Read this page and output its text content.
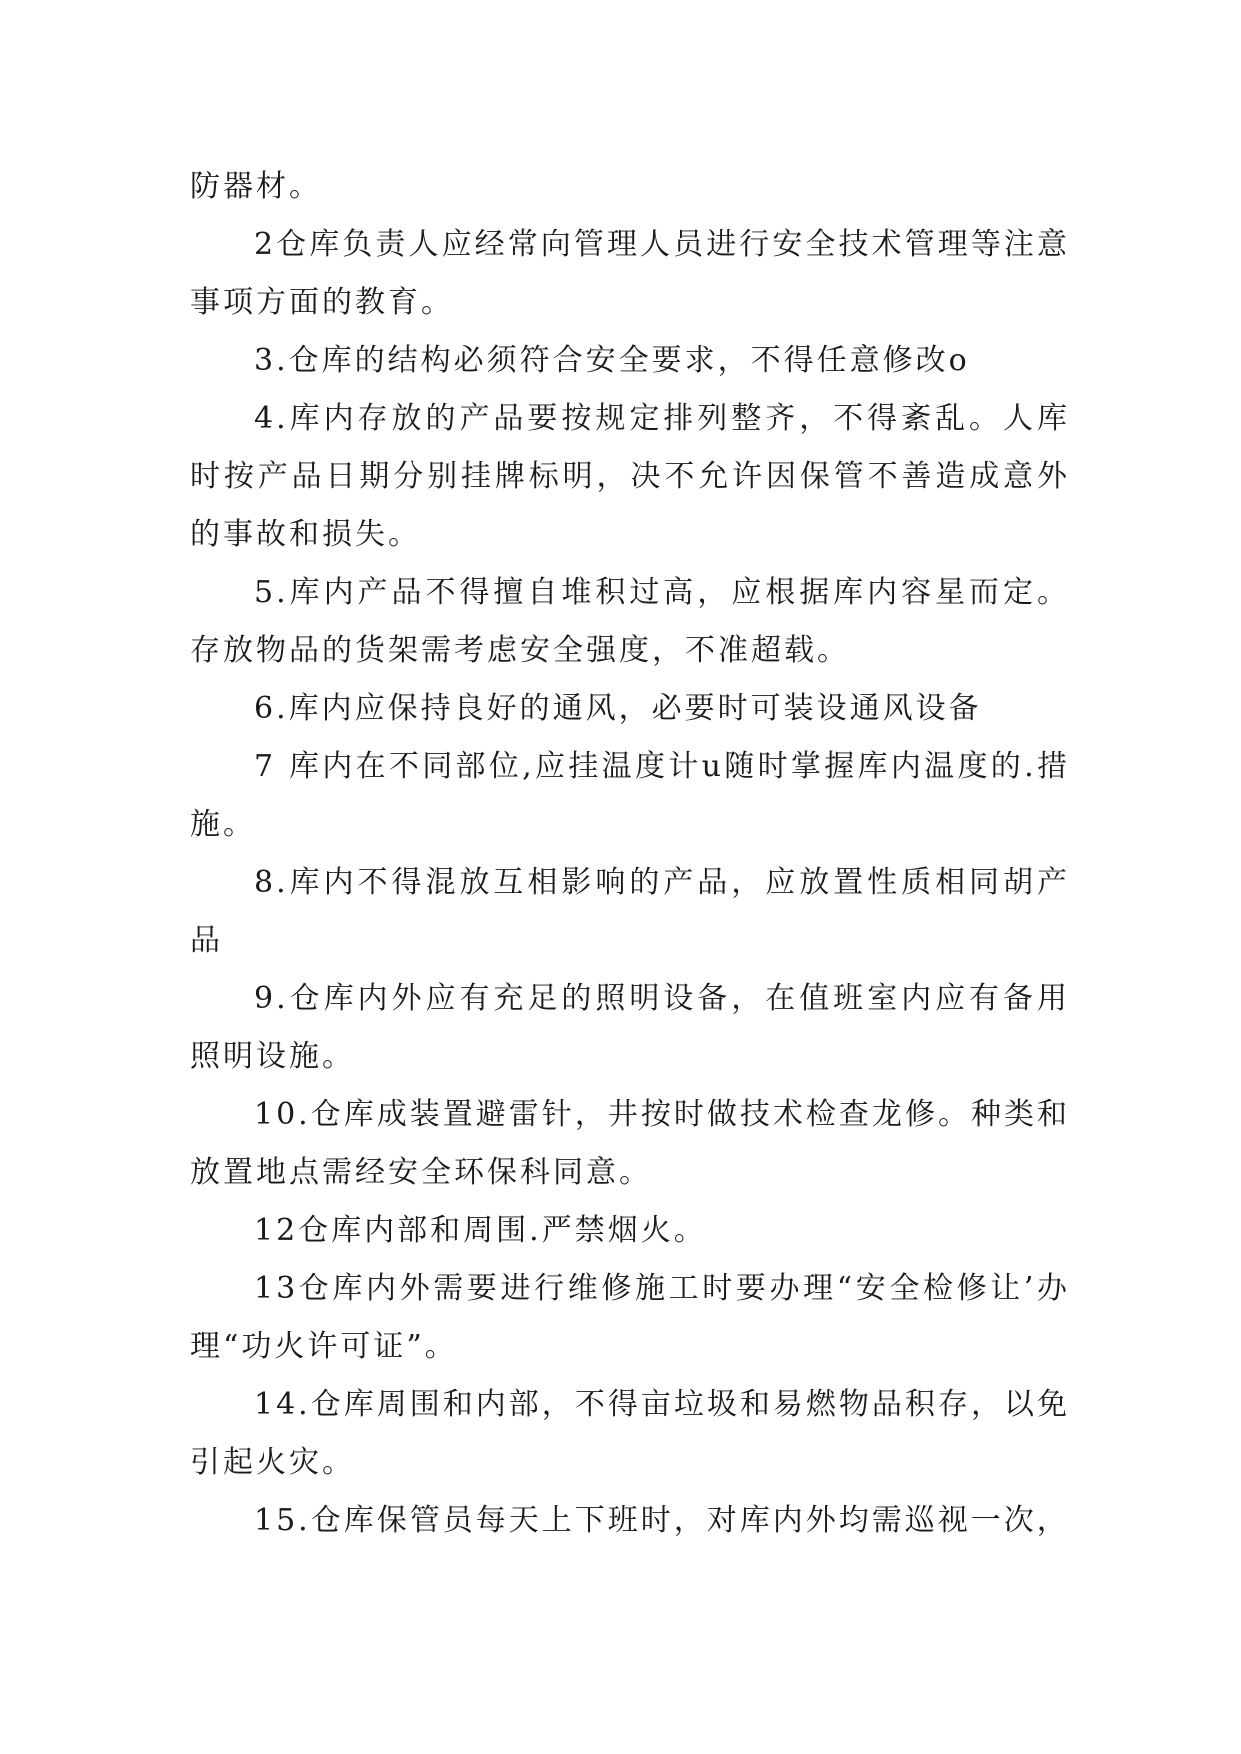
防器材。

2仓库负责人应经常向管理人员进行安全技术管理等注意事项方面的教育。

3.仓库的结构必须符合安全要求，不得任意修改o

4.库内存放的产品要按规定排列整齐，不得紊乱。人库时按产品日期分别挂牌标明，决不允许因保管不善造成意外的事故和损失。

5.库内产品不得擅自堆积过高，应根据库内容星而定。存放物品的货架需考虑安全强度，不准超载。

6.库内应保持良好的通风，必要时可装设通风设备

7 库内在不同部位,应挂温度计u随时掌握库内温度的.措施。

8.库内不得混放互相影响的产品，应放置性质相同胡产品

9.仓库内外应有充足的照明设备，在值班室内应有备用照明设施。

10.仓库成装置避雷针，井按时做技术检查龙修。种类和放置地点需经安全环保科同意。

12仓库内部和周围.严禁烟火。

13仓库内外需要进行维修施工时要办理“安全检修让’办理“功火许可证”。

14.仓库周围和内部，不得亩垃圾和易燃物品积存，以免引起火灾。

15.仓库保管员每天上下班时，对库内外均需巡视一次，
